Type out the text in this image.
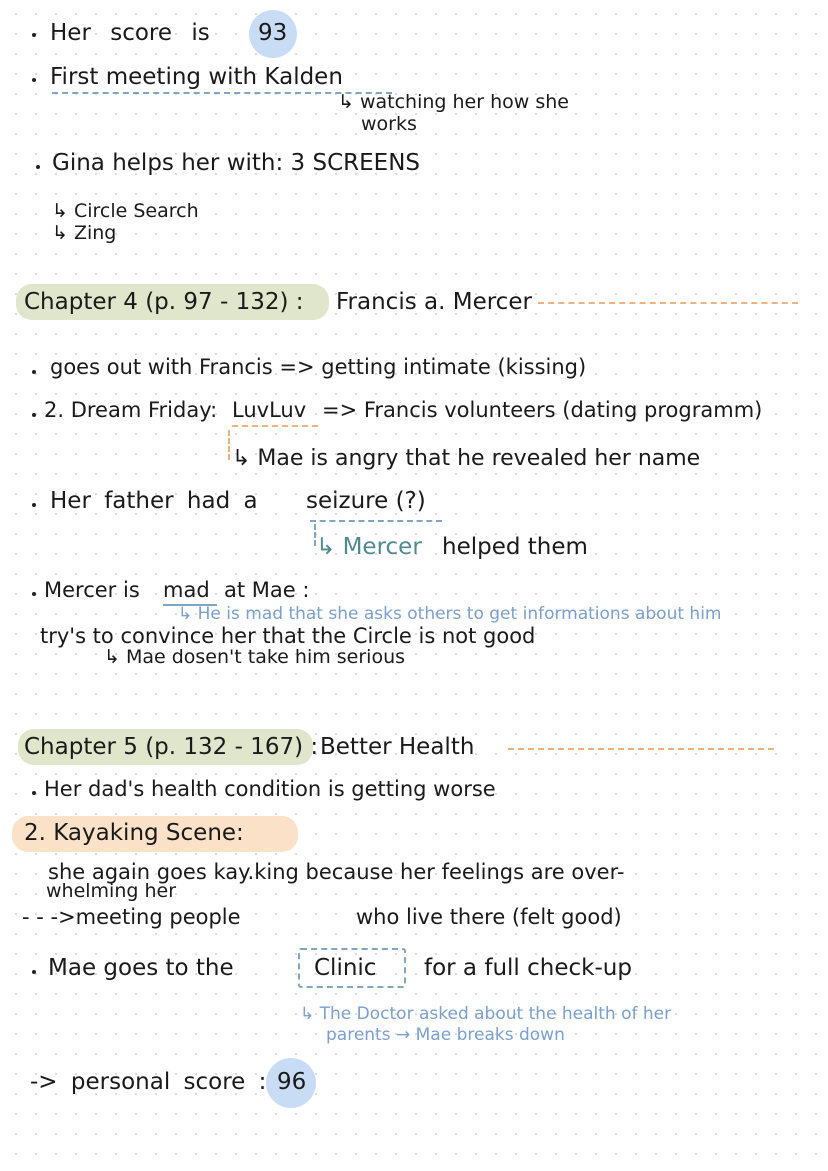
Her score is 93
First meeting with Kalden
↳ watching her how she
works
Gina helps her with: 3 SCREENS
↳ Circle Search
↳ Zing
Chapter 4 (p. 97 - 132) : Francis a. Mercer
goes out with Francis => getting intimate (kissing)
2. Dream Friday: LuvLuv => Francis volunteers (dating programm)
↳ Mae is angry that he revealed her name
Her father had a seizure (?)
↳ Mercer helped them
Mercer is mad at Mae :
↳ He is mad that she asks others to get informations about him
try's to convince her that the Circle is not good
↳ Mae dosen't take him serious
Chapter 5 (p. 132 - 167) : Better Health
Her dad's health condition is getting worse
2. Kayaking Scene:
she again goes kay.king because her feelings are over-
whelming her
- - ->meeting people	who live there (felt good)
Mae goes to the	Clinic for a full check-up
↳ The Doctor asked about the health of her
parents → Mae breaks down
-> personal score : 96
